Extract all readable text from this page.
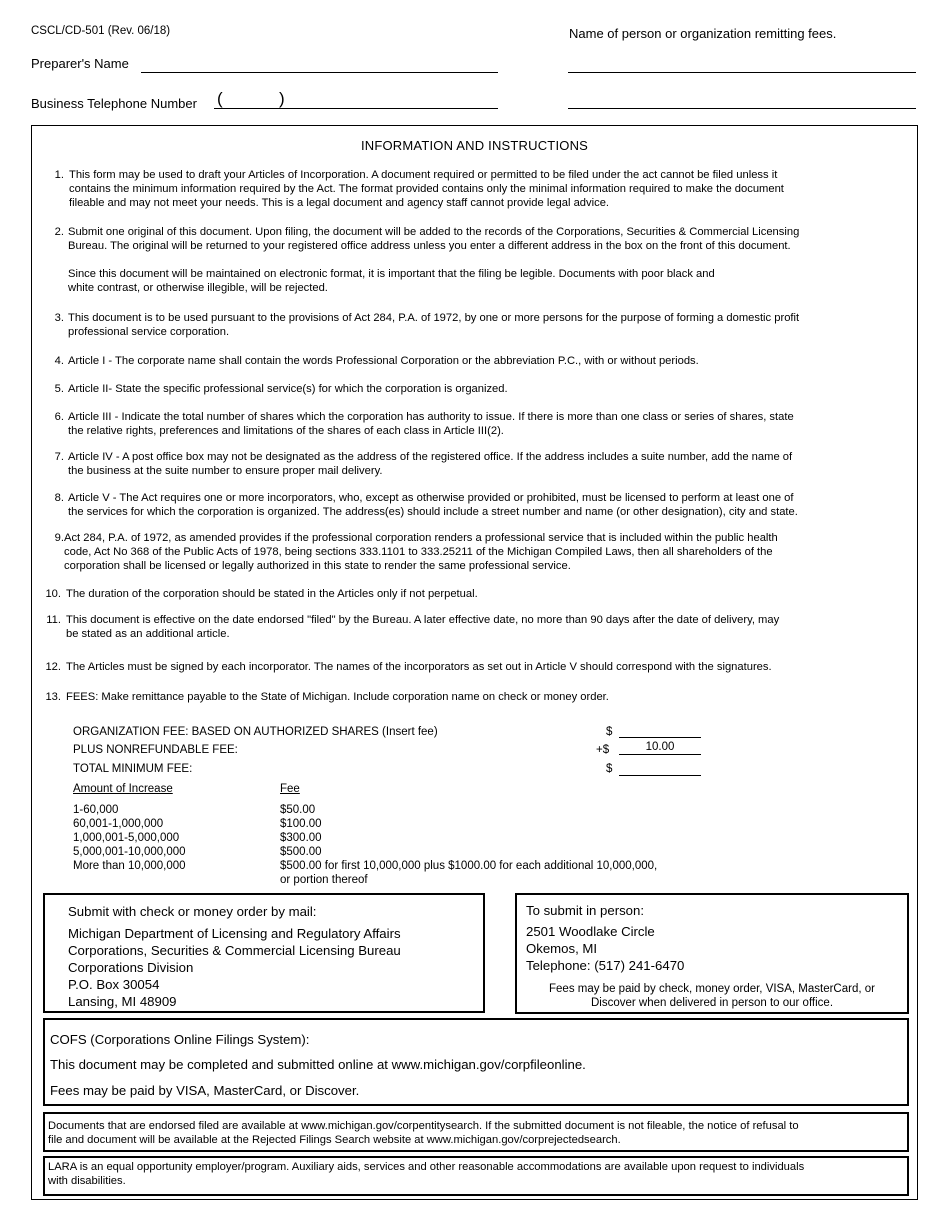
CSCL/CD-501 (Rev. 06/18)	Name of person or organization remitting fees.
Preparer's Name
Business Telephone Number (	)
INFORMATION AND INSTRUCTIONS
1. This form may be used to draft your Articles of Incorporation. A document required or permitted to be filed under the act cannot be filed unless it
contains the minimum information required by the Act. The format provided contains only the minimal information required to make the document
fileable and may not meet your needs. This is a legal document and agency staff cannot provide legal advice.
2. Submit one original of this document. Upon filing, the document will be added to the records of the Corporations, Securities & Commercial Licensing
Bureau. The original will be returned to your registered office address unless you enter a different address in the box on the front of this document.
Since this document will be maintained on electronic format, it is important that the filing be legible. Documents with poor black and
white contrast, or otherwise illegible, will be rejected.
3. This document is to be used pursuant to the provisions of Act 284, P.A. of 1972, by one or more persons for the purpose of forming a domestic profit
professional service corporation.
4. Article I - The corporate name shall contain the words Professional Corporation or the abbreviation P.C., with or without periods.
5. Article II- State the specific professional service(s) for which the corporation is organized.
6. Article III - Indicate the total number of shares which the corporation has authority to issue. If there is more than one class or series of shares, state
the relative rights, preferences and limitations of the shares of each class in Article III(2).
7. Article IV - A post office box may not be designated as the address of the registered office. If the address includes a suite number, add the name of
the business at the suite number to ensure proper mail delivery.
8. Article V - The Act requires one or more incorporators, who, except as otherwise provided or prohibited, must be licensed to perform at least one of
the services for which the corporation is organized. The address(es) should include a street number and name (or other designation), city and state.
9. Act 284, P.A. of 1972, as amended provides if the professional corporation renders a professional service that is included within the public health
code, Act No 368 of the Public Acts of 1978, being sections 333.1101 to 333.25211 of the Michigan Compiled Laws, then all shareholders of the
corporation shall be licensed or legally authorized in this state to render the same professional service.
10. The duration of the corporation should be stated in the Articles only if not perpetual.
11. This document is effective on the date endorsed "filed" by the Bureau. A later effective date, no more than 90 days after the date of delivery, may
be stated as an additional article.
12. The Articles must be signed by each incorporator. The names of the incorporators as set out in Article V should correspond with the signatures.
13. FEES: Make remittance payable to the State of Michigan. Include corporation name on check or money order.
ORGANIZATION FEE: BASED ON AUTHORIZED SHARES (Insert fee)	$
PLUS NONREFUNDABLE FEE:	+$	10.00
TOTAL MINIMUM FEE:	$
Amount of Increase	Fee
1-60,000	$50.00
60,001-1,000,000	$100.00
1,000,001-5,000,000	$300.00
5,000,001-10,000,000	$500.00
More than 10,000,000	$500.00 for first 10,000,000 plus $1000.00 for each additional 10,000,000,
or portion thereof
Submit with check or money order by mail:
Michigan Department of Licensing and Regulatory Affairs
Corporations, Securities & Commercial Licensing Bureau
Corporations Division
P.O. Box 30054
Lansing, MI 48909
To submit in person:
2501 Woodlake Circle
Okemos, MI
Telephone: (517) 241-6470
Fees may be paid by check, money order, VISA, MasterCard, or
Discover when delivered in person to our office.
COFS (Corporations Online Filings System):
This document may be completed and submitted online at www.michigan.gov/corpfileonline.
Fees may be paid by VISA, MasterCard, or Discover.
Documents that are endorsed filed are available at www.michigan.gov/corpentitysearch. If the submitted document is not fileable, the notice of refusal to
file and document will be available at the Rejected Filings Search website at www.michigan.gov/corprejectedsearch.
LARA is an equal opportunity employer/program. Auxiliary aids, services and other reasonable accommodations are available upon request to individuals
with disabilities.
